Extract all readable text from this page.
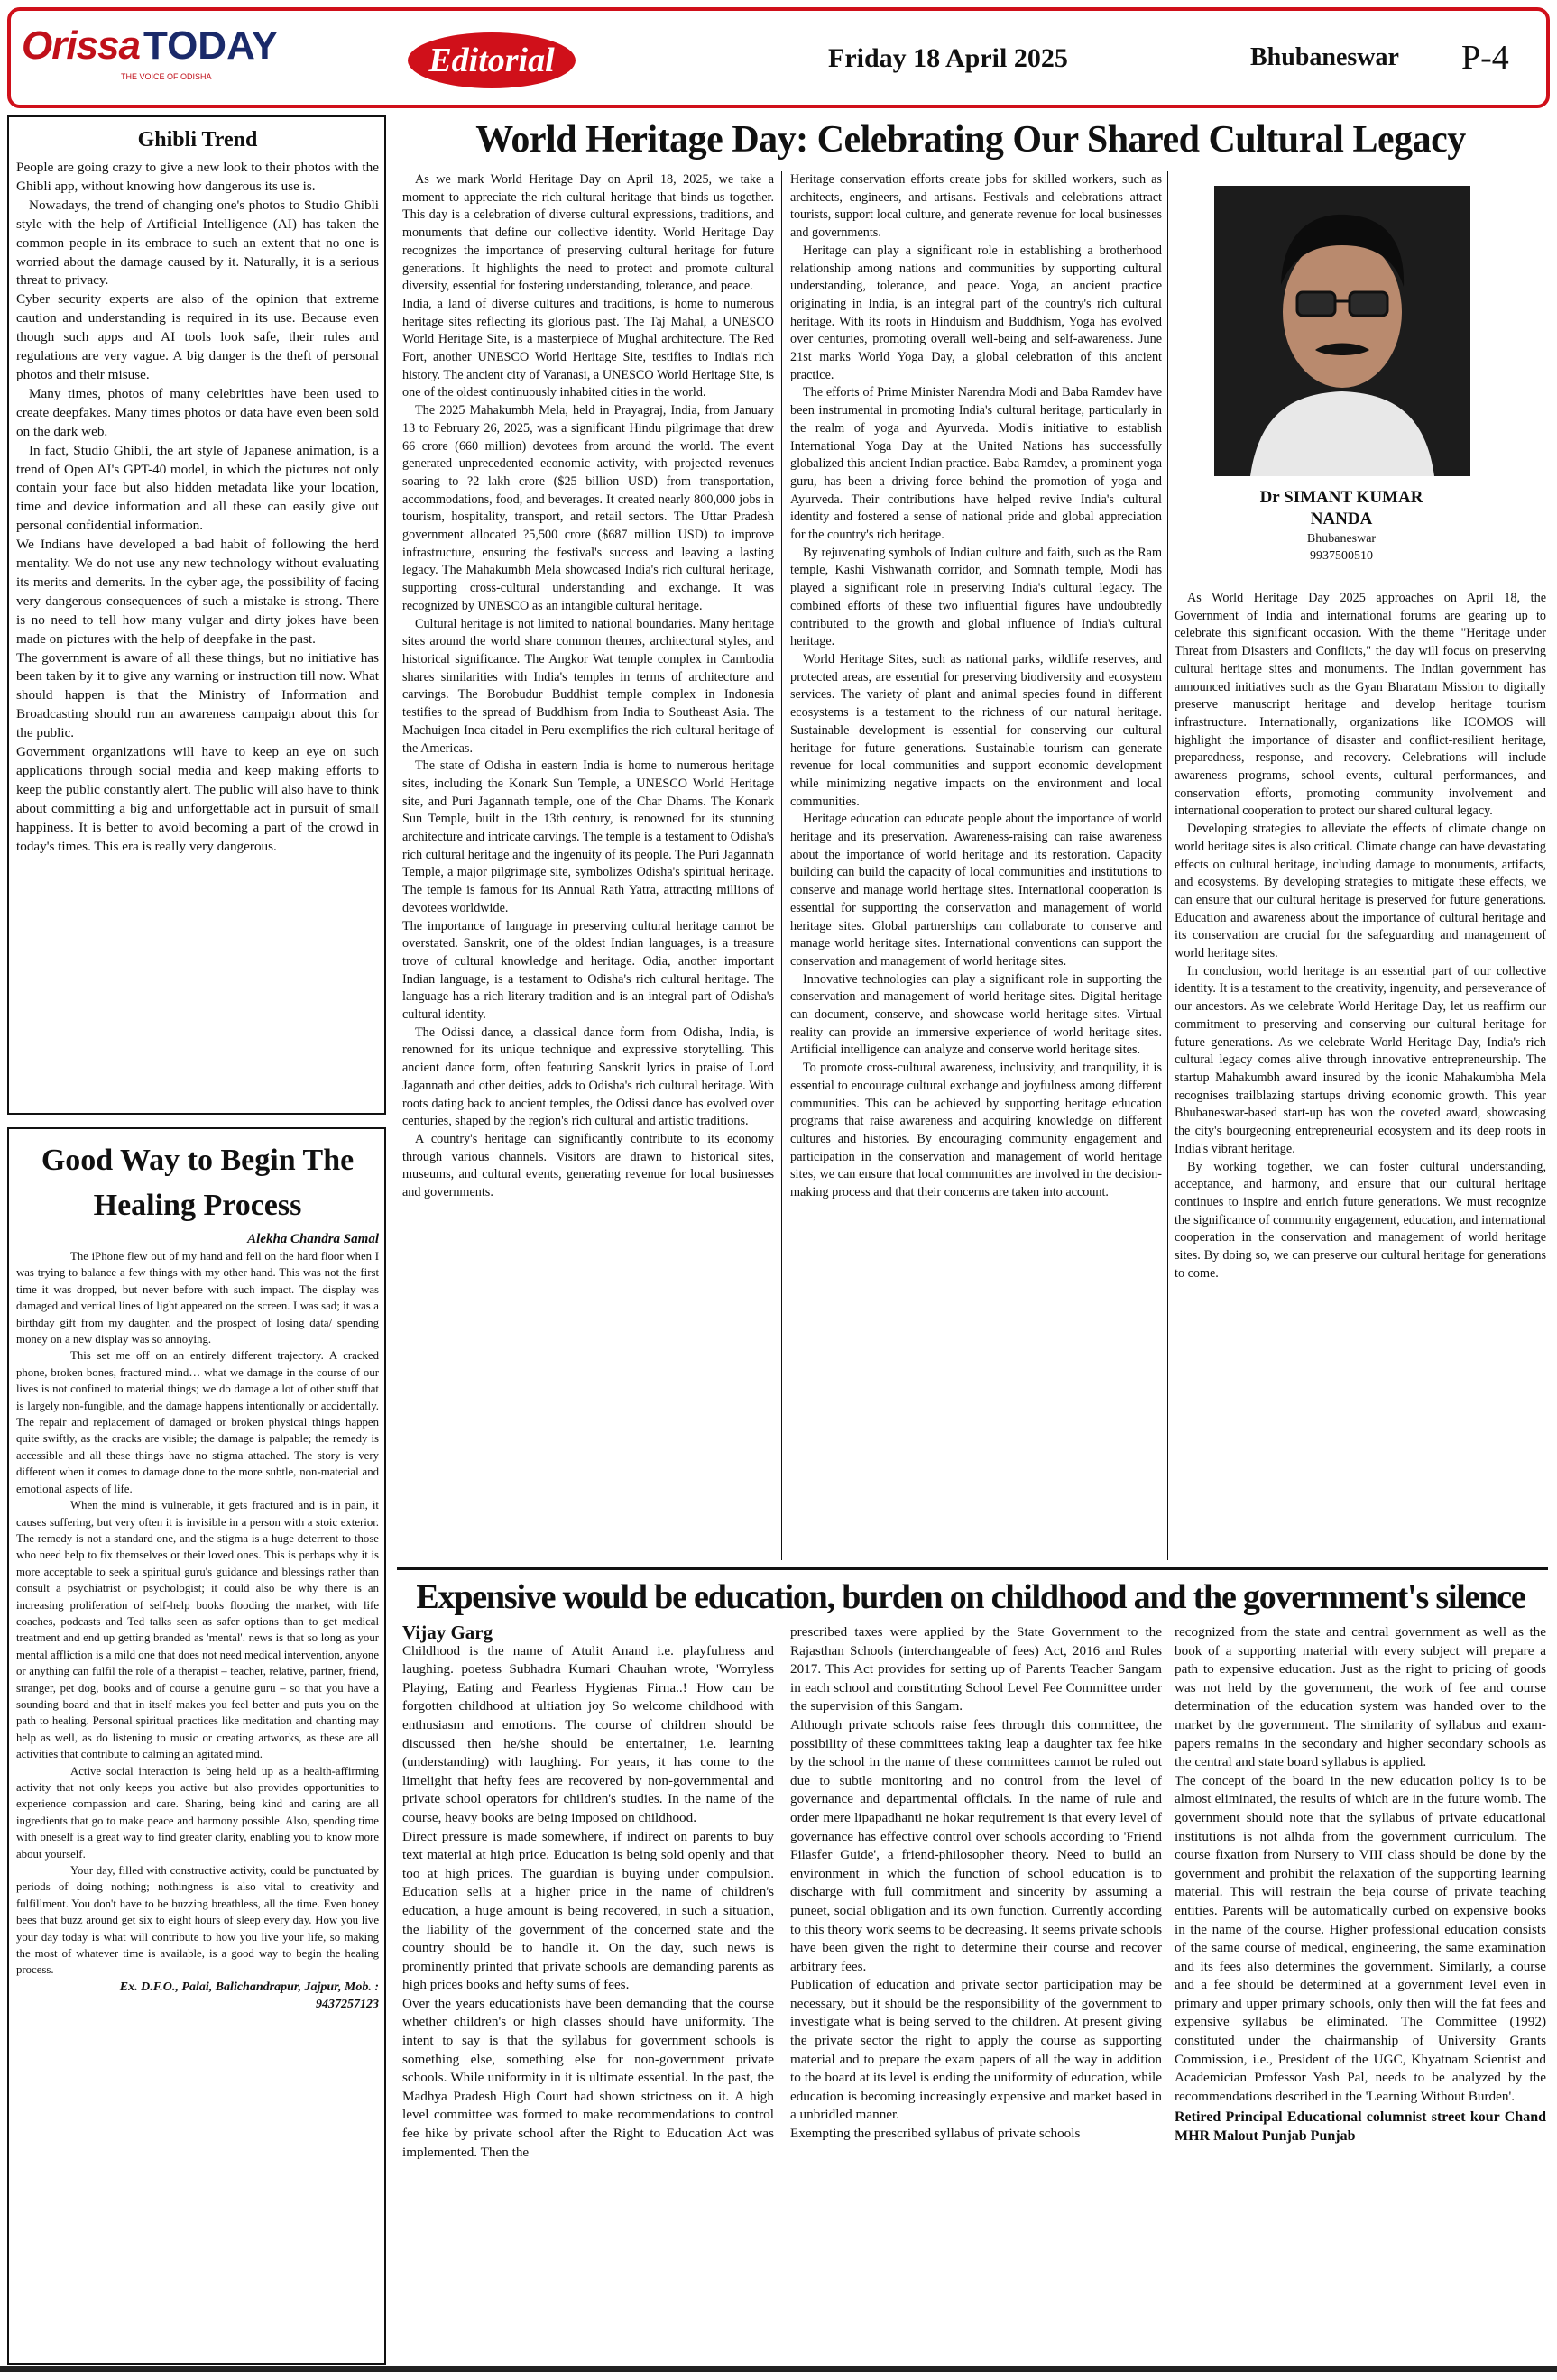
OrissaTODAY
THE VOICE OF ODISHA	Editorial	Friday 18 April 2025	Bhubaneswar P-4
Ghibli Trend

People are going crazy to give a new look to their photos with the Ghibli app, without knowing how dangerous its use is.

Nowadays, the trend of changing one's photos to Studio Ghibli style with the help of Artificial Intelligence (AI) has taken the common people in its embrace to such an extent that no one is worried about the damage caused by it. Naturally, it is a serious threat to privacy.

Cyber security experts are also of the opinion that extreme caution and understanding is required in its use. Because even though such apps and AI tools look safe, their rules and regulations are very vague. A big danger is the theft of personal photos and their misuse.

Many times, photos of many celebrities have been used to create deepfakes. Many times photos or data have even been sold on the dark web.

In fact, Studio Ghibli, the art style of Japanese animation, is a trend of Open AI's GPT-40 model, in which the pictures not only contain your face but also hidden metadata like your location, time and device information and all these can easily give out personal confidential information.

We Indians have developed a bad habit of following the herd mentality. We do not use any new technology without evaluating its merits and demerits. In the cyber age, the possibility of facing very dangerous consequences of such a mistake is strong. There is no need to tell how many vulgar and dirty jokes have been made on pictures with the help of deepfake in the past.

The government is aware of all these things, but no initiative has been taken by it to give any warning or instruction till now. What should happen is that the Ministry of Information and Broadcasting should run an awareness campaign about this for the public.

Government organizations will have to keep an eye on such applications through social media and keep making efforts to keep the public constantly alert. The public will also have to think about committing a big and unforgettable act in pursuit of small happiness. It is better to avoid becoming a part of the crowd in today's times. This era is really very dangerous.

Good Way to Begin The Healing Process
Alekha Chandra Samal

The iPhone flew out of my hand and fell on the hard floor when I was trying to balance a few things with my other hand. This was not the first time it was dropped, but never before with such impact. The display was damaged and vertical lines of light appeared on the screen. I was sad; it was a birthday gift from my daughter, and the prospect of losing data/ spending money on a new display was so annoying.

This set me off on an entirely different trajectory. A cracked phone, broken bones, fractured mind… what we damage in the course of our lives is not confined to material things; we do damage a lot of other stuff that is largely non-fungible, and the damage happens intentionally or accidentally. The repair and replacement of damaged or broken physical things happen quite swiftly, as the cracks are visible; the damage is palpable; the remedy is accessible and all these things have no stigma attached. The story is very different when it comes to damage done to the more subtle, non-material and emotional aspects of life.

When the mind is vulnerable, it gets fractured and is in pain, it causes suffering, but very often it is invisible in a person with a stoic exterior. The remedy is not a standard one, and the stigma is a huge deterrent to those who need help to fix themselves or their loved ones. This is perhaps why it is more acceptable to seek a spiritual guru's guidance and blessings rather than consult a psychiatrist or psychologist; it could also be why there is an increasing proliferation of self-help books flooding the market, with life coaches, podcasts and Ted talks seen as safer options than to get medical treatment and end up getting branded as 'mental'. news is that so long as your mental affliction is a mild one that does not need medical intervention, anyone or anything can fulfil the role of a therapist – teacher, relative, partner, friend, stranger, pet dog, books and of course a genuine guru – so that you have a sounding board and that in itself makes you feel better and puts you on the path to healing. Personal spiritual practices like meditation and chanting may help as well, as do listening to music or creating artworks, as these are all activities that contribute to calming an agitated mind.

Active social interaction is being held up as a health-affirming activity that not only keeps you active but also provides opportunities to experience compassion and care. Sharing, being kind and caring are all ingredients that go to make peace and harmony possible. Also, spending time with oneself is a great way to find greater clarity, enabling you to know more about yourself.

Your day, filled with constructive activity, could be punctuated by periods of doing nothing; nothingness is also vital to creativity and fulfillment. You don't have to be buzzing breathless, all the time. Even honey bees that buzz around get six to eight hours of sleep every day. How you live your day today is what will contribute to how you live your life, so making the most of whatever time is available, is a good way to begin the healing process.

Ex. D.F.O., Palai, Balichandrapur, Jajpur, Mob. : 9437257123
World Heritage Day: Celebrating Our Shared Cultural Legacy

As we mark World Heritage Day on April 18, 2025, we take a moment to appreciate the rich cultural heritage that binds us together. This day is a celebration of diverse cultural expressions, traditions, and monuments that define our collective identity. World Heritage Day recognizes the importance of preserving cultural heritage for future generations. It highlights the need to protect and promote cultural diversity, essential for fostering understanding, tolerance, and peace.

India, a land of diverse cultures and traditions, is home to numerous heritage sites reflecting its glorious past. The Taj Mahal, a UNESCO World Heritage Site, is a masterpiece of Mughal architecture. The Red Fort, another UNESCO World Heritage Site, testifies to India's rich history. The ancient city of Varanasi, a UNESCO World Heritage Site, is one of the oldest continuously inhabited cities in the world.

The 2025 Mahakumbh Mela, held in Prayagraj, India, from January 13 to February 26, 2025, was a significant Hindu pilgrimage that drew 66 crore (660 million) devotees from around the world. The event generated unprecedented economic activity, with projected revenues soaring to ?2 lakh crore ($25 billion USD) from transportation, accommodations, food, and beverages. It created nearly 800,000 jobs in tourism, hospitality, transport, and retail sectors. The Uttar Pradesh government allocated ?5,500 crore ($687 million USD) to improve infrastructure, ensuring the festival's success and leaving a lasting legacy. The Mahakumbh Mela showcased India's rich cultural heritage, supporting cross-cultural understanding and exchange. It was recognized by UNESCO as an intangible cultural heritage.

Cultural heritage is not limited to national boundaries. Many heritage sites around the world share common themes, architectural styles, and historical significance. The Angkor Wat temple complex in Cambodia shares similarities with India's temples in terms of architecture and carvings. The Borobudur Buddhist temple complex in Indonesia testifies to the spread of Buddhism from India to Southeast Asia. The Machuigen Inca citadel in Peru exemplifies the rich cultural heritage of the Americas.

The state of Odisha in eastern India is home to numerous heritage sites, including the Konark Sun Temple, a UNESCO World Heritage site, and Puri Jagannath temple, one of the Char Dhams. The Konark Sun Temple, built in the 13th century, is renowned for its stunning architecture and intricate carvings. The temple is a testament to Odisha's rich cultural heritage and the ingenuity of its people. The Puri Jagannath Temple, a major pilgrimage site, symbolizes Odisha's spiritual heritage. The temple is famous for its Annual Rath Yatra, attracting millions of devotees worldwide.

The importance of language in preserving cultural heritage cannot be overstated. Sanskrit, one of the oldest Indian languages, is a treasure trove of cultural knowledge and heritage. Odia, another important Indian language, is a testament to Odisha's rich cultural heritage. The language has a rich literary tradition and is an integral part of Odisha's cultural identity.

The Odissi dance, a classical dance form from Odisha, India, is renowned for its unique technique and expressive storytelling. This ancient dance form, often featuring Sanskrit lyrics in praise of Lord Jagannath and other deities, adds to Odisha's rich cultural heritage. With roots dating back to ancient temples, the Odissi dance has evolved over centuries, shaped by the region's rich cultural and artistic traditions.

A country's heritage can significantly contribute to its economy through various channels. Visitors are drawn to historical sites, museums, and cultural events, generating revenue for local businesses and governments.

Heritage conservation efforts create jobs for skilled workers, such as architects, engineers, and artisans. Festivals and celebrations attract tourists, support local culture, and generate revenue for local businesses and governments.

Heritage can play a significant role in establishing a brotherhood relationship among nations and communities by supporting cultural understanding, tolerance, and peace. Yoga, an ancient practice originating in India, is an integral part of the country's rich cultural heritage. With its roots in Hinduism and Buddhism, Yoga has evolved over centuries, promoting overall well-being and self-awareness. June 21st marks World Yoga Day, a global celebration of this ancient practice.

The efforts of Prime Minister Narendra Modi and Baba Ramdev have been instrumental in promoting India's cultural heritage, particularly in the realm of yoga and Ayurveda. Modi's initiative to establish International Yoga Day at the United Nations has successfully globalized this ancient Indian practice. Baba Ramdev, a prominent yoga guru, has been a driving force behind the promotion of yoga and Ayurveda. Their contributions have helped revive India's cultural identity and fostered a sense of national pride and global appreciation for the country's rich heritage.

By rejuvenating symbols of Indian culture and faith, such as the Ram temple, Kashi Vishwanath corridor, and Somnath temple, Modi has played a significant role in preserving India's cultural legacy. The combined efforts of these two influential figures have undoubtedly contributed to the growth and global influence of India's cultural heritage.

World Heritage Sites, such as national parks, wildlife reserves, and protected areas, are essential for preserving biodiversity and ecosystem services. The variety of plant and animal species found in different ecosystems is a testament to the richness of our natural heritage. Sustainable development is essential for conserving our cultural heritage for future generations. Sustainable tourism can generate revenue for local communities and support economic development while minimizing negative impacts on the environment and local communities.

Heritage education can educate people about the importance of world heritage and its preservation. Awareness-raising can raise awareness about the importance of world heritage and its restoration. Capacity building can build the capacity of local communities and institutions to conserve and manage world heritage sites. International cooperation is essential for supporting the conservation and management of world heritage sites. Global partnerships can collaborate to conserve and manage world heritage sites. International conventions can support the conservation and management of world heritage sites.

Innovative technologies can play a significant role in supporting the conservation and management of world heritage sites. Digital heritage can document, conserve, and showcase world heritage sites. Virtual reality can provide an immersive experience of world heritage sites. Artificial intelligence can analyze and conserve world heritage sites.

To promote cross-cultural awareness, inclusivity, and tranquility, it is essential to encourage cultural exchange and joyfulness among different communities. This can be achieved by supporting heritage education programs that raise awareness and acquiring knowledge on different cultures and histories. By encouraging community engagement and participation in the conservation and management of world heritage sites, we can ensure that local communities are involved in the decision-making process and that their concerns are taken into account.

Dr SIMANT KUMAR NANDA
Bhubaneswar
9937500510

As World Heritage Day 2025 approaches on April 18, the Government of India and international forums are gearing up to celebrate this significant occasion. With the theme "Heritage under Threat from Disasters and Conflicts," the day will focus on preserving cultural heritage sites and monuments. The Indian government has announced initiatives such as the Gyan Bharatam Mission to digitally preserve manuscript heritage and develop heritage tourism infrastructure. Internationally, organizations like ICOMOS will highlight the importance of disaster and conflict-resilient heritage, preparedness, response, and recovery. Celebrations will include awareness programs, school events, cultural performances, and conservation efforts, promoting community involvement and international cooperation to protect our shared cultural legacy.

Developing strategies to alleviate the effects of climate change on world heritage sites is also critical. Climate change can have devastating effects on cultural heritage, including damage to monuments, artifacts, and ecosystems. By developing strategies to mitigate these effects, we can ensure that our cultural heritage is preserved for future generations. Education and awareness about the importance of cultural heritage and its conservation are crucial for the safeguarding and management of world heritage sites.

In conclusion, world heritage is an essential part of our collective identity. It is a testament to the creativity, ingenuity, and perseverance of our ancestors. As we celebrate World Heritage Day, let us reaffirm our commitment to preserving and conserving our cultural heritage for future generations. As we celebrate World Heritage Day, India's rich cultural legacy comes alive through innovative entrepreneurship. The startup Mahakumbh award insured by the iconic Mahakumbha Mela recognises trailblazing startups driving economic growth. This year Bhubaneswar-based start-up has won the coveted award, showcasing the city's bourgeoning entrepreneurial ecosystem and its deep roots in India's vibrant heritage.

By working together, we can foster cultural understanding, acceptance, and harmony, and ensure that our cultural heritage continues to inspire and enrich future generations. We must recognize the significance of community engagement, education, and international cooperation in the conservation and management of world heritage sites. By doing so, we can preserve our cultural heritage for generations to come.

Expensive would be education, burden on childhood and the government's silence
Vijay Garg

Childhood is the name of Atulit Anand i.e. playfulness and laughing. poetess Subhadra Kumari Chauhan wrote, 'Worryless Playing, Eating and Fearless Hygienas Firna..! How can be forgotten childhood at ultiation joy So welcome childhood with enthusiasm and emotions. The course of children should be discussed then he/she should be entertainer, i.e. learning (understanding) with laughing. For years, it has come to the limelight that hefty fees are recovered by non-governmental and private school operators for children's studies. In the name of the course, heavy books are being imposed on childhood.

Direct pressure is made somewhere, if indirect on parents to buy text material at high price. Education is being sold openly and that too at high prices. The guardian is buying under compulsion. Education sells at a higher price in the name of children's education, a huge amount is being recovered, in such a situation, the liability of the government of the concerned state and the country should be to handle it. On the day, such news is prominently printed that private schools are demanding parents as high prices books and hefty sums of fees.

Over the years educationists have been demanding that the course whether children's or high classes should have uniformity. The intent to say is that the syllabus for government schools is something else, something else for non-government private schools. While uniformity in it is ultimate essential. In the past, the Madhya Pradesh High Court had shown strictness on it. A high level committee was formed to make recommendations to control fee hike by private school after the Right to Education Act was implemented. Then the

prescribed taxes were applied by the State Government to the Rajasthan Schools (interchangeable of fees) Act, 2016 and Rules 2017. This Act provides for setting up of Parents Teacher Sangam in each school and constituting School Level Fee Committee under the supervision of this Sangam.

Although private schools raise fees through this committee, the possibility of these committees taking leap a daughter tax fee hike by the school in the name of these committees cannot be ruled out due to subtle monitoring and no control from the level of governance and departmental officials. In the name of rule and order mere lipapadhanti ne hokar requirement is that every level of governance has effective control over schools according to 'Friend Filasfer Guide', a friend-philosopher theory. Need to build an environment in which the function of school education is to discharge with full commitment and sincerity by assuming a puneet, social obligation and its own function. Currently according to this theory work seems to be decreasing. It seems private schools have been given the right to determine their course and recover arbitrary fees.

Publication of education and private sector participation may be necessary, but it should be the responsibility of the government to investigate what is being served to the children. At present giving the private sector the right to apply the course as supporting material and to prepare the exam papers of all the way in addition to the board at its level is ending the uniformity of education, while education is becoming increasingly expensive and market based in a unbridled manner.

Exempting the prescribed syllabus of private schools

recognized from the state and central government as well as the book of a supporting material with every subject will prepare a path to expensive education. Just as the right to pricing of goods was not held by the government, the work of fee and course determination of the education system was handed over to the market by the government. The similarity of syllabus and exam-papers remains in the secondary and higher secondary schools as the central and state board syllabus is applied.

The concept of the board in the new education policy is to be almost eliminated, the results of which are in the future womb. The government should note that the syllabus of private educational institutions is not alhda from the government curriculum. The course fixation from Nursery to VIII class should be done by the government and prohibit the relaxation of the supporting learning material. This will restrain the beja course of private teaching entities. Parents will be automatically curbed on expensive books in the name of the course. Higher professional education consists of the same course of medical, engineering, the same examination and its fees also determines the government. Similarly, a course and a fee should be determined at a government level even in primary and upper primary schools, only then will the fat fees and expensive syllabus be eliminated. The Committee (1992) constituted under the chairmanship of University Grants Commission, i.e., President of the UGC, Khyatnam Scientist and Academician Professor Yash Pal, needs to be analyzed by the recommendations described in the 'Learning Without Burden'.

Retired Principal Educational columnist street kour Chand MHR Malout Punjab Punjab
